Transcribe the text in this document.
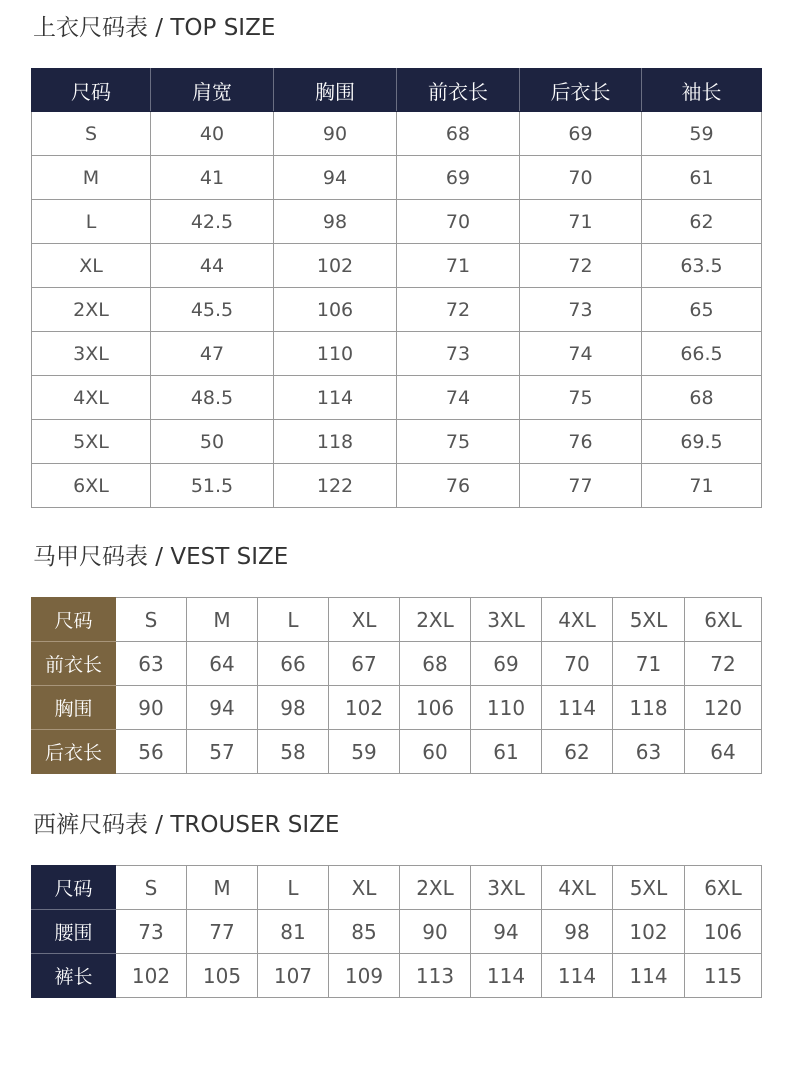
上衣尺码表 / TOP SIZE
尺码	肩宽	胸围	前衣长	后衣长	袖长
S	40	90	68	69	59
M	41	94	69	70	61
L	42.5	98	70	71	62
XL	44	102	71	72	63.5
2XL	45.5	106	72	73	65
3XL	47	110	73	74	66.5
4XL	48.5	114	74	75	68
5XL	50	118	75	76	69.5
6XL	51.5	122	76	77	71
马甲尺码表 / VEST SIZE
尺码	S	M	L	XL	2XL	3XL	4XL	5XL	6XL
前衣长	63	64	66	67	68	69	70	71	72
胸围	90	94	98	102	106	110	114	118	120
后衣长	56	57	58	59	60	61	62	63	64
西裤尺码表 / TROUSER SIZE
尺码	S	M	L	XL	2XL	3XL	4XL	5XL	6XL
腰围	73	77	81	85	90	94	98	102	106
裤长	102	105	107	109	113	114	114	114	115
